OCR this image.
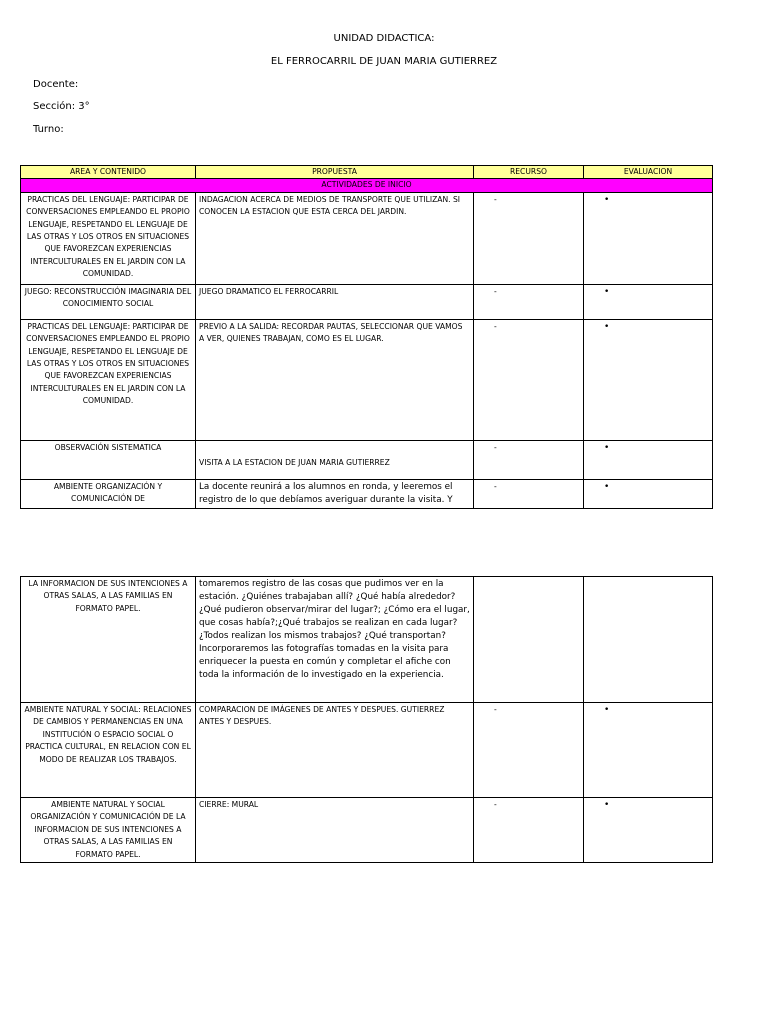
UNIDAD DIDACTICA:
EL FERROCARRIL DE JUAN MARIA GUTIERREZ
Docente:
Sección: 3°
Turno:
AREA Y CONTENIDO	PROPUESTA	RECURSO	EVALUACION
ACTIVIDADES DE INICIO			
PRACTICAS DEL LENGUAJE: PARTICIPAR DE CONVERSACIONES EMPLEANDO EL PROPIO LENGUAJE, RESPETANDO EL LENGUAJE DE LAS OTRAS Y LOS OTROS EN SITUACIONES QUE FAVOREZCAN EXPERIENCIAS INTERCULTURALES EN EL JARDIN CON LA COMUNIDAD.	INDAGACION ACERCA DE MEDIOS DE TRANSPORTE QUE UTILIZAN. SI CONOCEN LA ESTACION QUE ESTA CERCA DEL JARDIN.	-	•
JUEGO: RECONSTRUCCIÓN IMAGINARIA DEL CONOCIMIENTO SOCIAL	JUEGO DRAMATICO EL FERROCARRIL	-	•
PRACTICAS DEL LENGUAJE: PARTICIPAR DE CONVERSACIONES EMPLEANDO EL PROPIO LENGUAJE, RESPETANDO EL LENGUAJE DE LAS OTRAS Y LOS OTROS EN SITUACIONES QUE FAVOREZCAN EXPERIENCIAS INTERCULTURALES EN EL JARDIN CON LA COMUNIDAD.	PREVIO A LA SALIDA: RECORDAR PAUTAS, SELECCIONAR QUE VAMOS A VER, QUIENES TRABAJAN, COMO ES EL LUGAR.	-	•
OBSERVACIÓN SISTEMATICA	VISITA A LA ESTACION DE JUAN MARIA GUTIERREZ	-	•
AMBIENTE ORGANIZACIÓN Y COMUNICACIÓN DE	La docente reunirá a los alumnos en ronda, y leeremos el registro de lo que debíamos averiguar durante la visita. Y	-	•
LA INFORMACION DE SUS INTENCIONES A OTRAS SALAS, A LAS FAMILIAS EN FORMATO PAPEL.	tomaremos registro de las cosas que pudimos ver en la estación. ¿Quiénes trabajaban allí? ¿Qué había alrededor? ¿Qué pudieron observar/mirar del lugar?; ¿Cómo era el lugar, que cosas había?;¿Qué trabajos se realizan en cada lugar? ¿Todos realizan los mismos trabajos? ¿Qué transportan? Incorporaremos las fotografías tomadas en la visita para enriquecer la puesta en común y completar el afiche con toda la información de lo investigado en la experiencia.		
AMBIENTE NATURAL Y SOCIAL: RELACIONES DE CAMBIOS Y PERMANENCIAS EN UNA INSTITUCIÓN O ESPACIO SOCIAL O PRACTICA CULTURAL, EN RELACION CON EL MODO DE REALIZAR LOS TRABAJOS.	COMPARACION DE IMÁGENES DE ANTES Y DESPUES. GUTIERREZ ANTES Y DESPUES.	-	•
AMBIENTE NATURAL Y SOCIAL ORGANIZACIÓN Y COMUNICACIÓN DE LA INFORMACION DE SUS INTENCIONES A OTRAS SALAS, A LAS FAMILIAS EN FORMATO PAPEL.	CIERRE: MURAL	-	•
